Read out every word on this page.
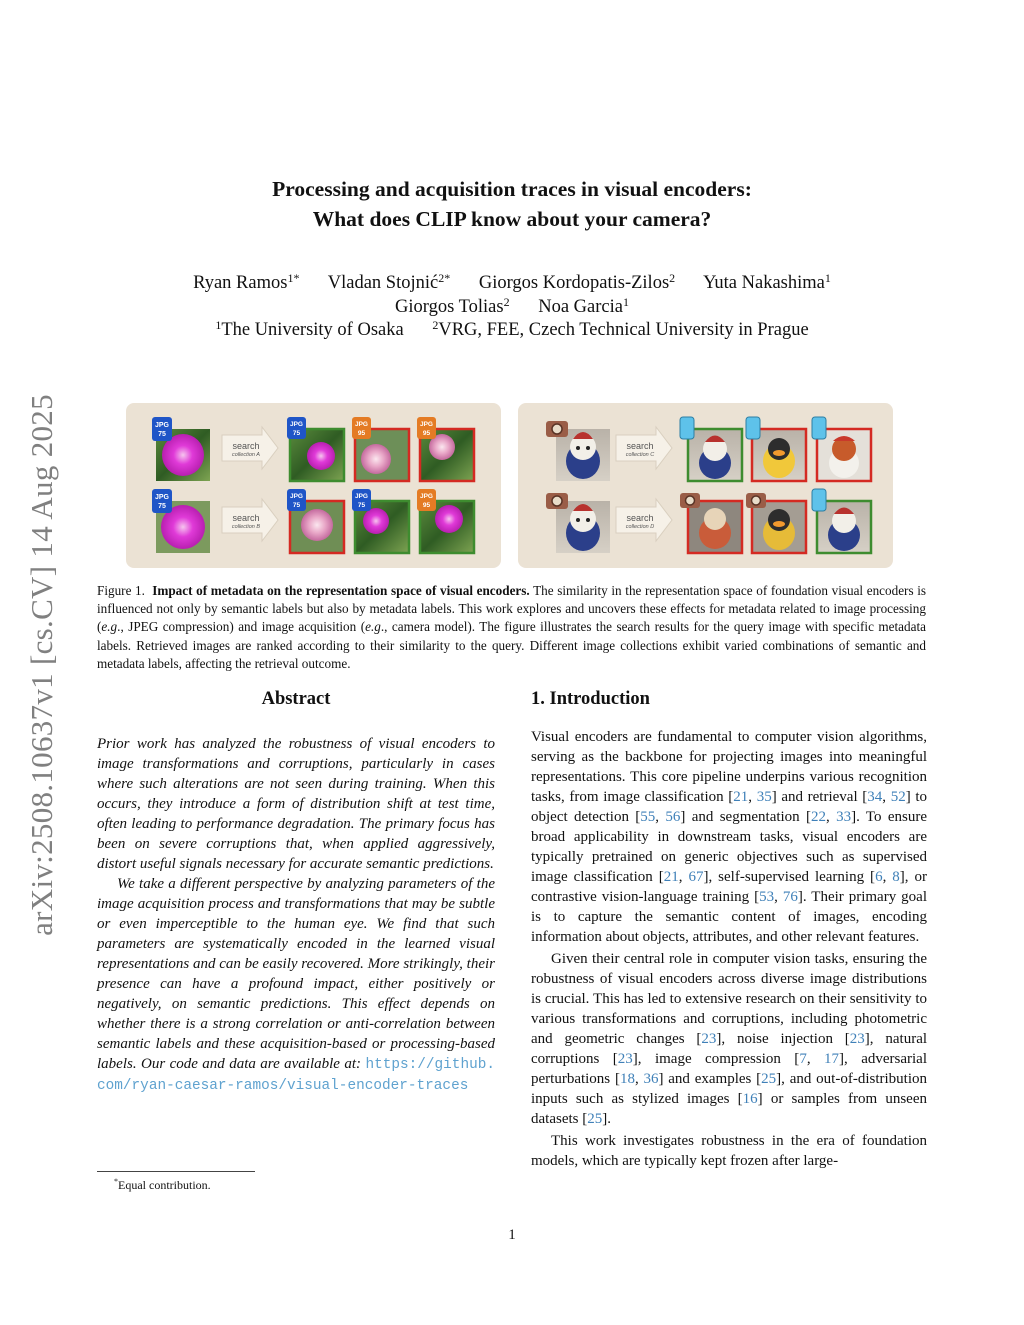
arXiv:2508.10637v1 [cs.CV] 14 Aug 2025
Processing and acquisition traces in visual encoders:
What does CLIP know about your camera?
Ryan Ramos$^{1*}$ Vladan Stojnić$^{2*}$ Giorgos Kordopatis-Zilos$^2$ Yuta Nakashima$^1$
Giorgos Tolias$^2$ Noa Garcia$^1$
$^1$The University of Osaka $^2$VRG, FEE, Czech Technical University in Prague
JPG
75
JPG
75
JPG
95
JPG
95
JPG
75
JPG
75
JPG
75
JPG
95
search
collection A
search
collection B
search
collection C
search
collection D
Figure 1. Impact of metadata on the representation space of visual encoders. The similarity in the representation space of foundation visual encoders is influenced not only by semantic labels but also by metadata labels. This work explores and uncovers these effects for metadata related to image processing (e.g., JPEG compression) and image acquisition (e.g., camera model). The figure illustrates the search results for the query image with specific metadata labels. Retrieved images are ranked according to their similarity to the query. Different image collections exhibit varied combinations of semantic and metadata labels, affecting the retrieval outcome.
Abstract

Prior work has analyzed the robustness of visual encoders to image transformations and corruptions, particularly in cases where such alterations are not seen during training. When this occurs, they introduce a form of distribution shift at test time, often leading to performance degradation. The primary focus has been on severe corruptions that, when applied aggressively, distort useful signals necessary for accurate semantic predictions.

We take a different perspective by analyzing parameters of the image acquisition process and transformations that may be subtle or even imperceptible to the human eye. We find that such parameters are systematically encoded in the learned visual representations and can be easily recovered. More strikingly, their presence can have a profound impact, either positively or negatively, on semantic predictions. This effect depends on whether there is a strong correlation or anti-correlation between semantic labels and these acquisition-based or processing-based labels. Our code and data are available at: https://github.com/ryan-caesar-ramos/visual-encoder-traces

1. Introduction

Visual encoders are fundamental to computer vision algorithms, serving as the backbone for projecting images into meaningful representations. This core pipeline underpins various recognition tasks, from image classification [21, 35] and retrieval [34, 52] to object detection [55, 56] and segmentation [22, 33]. To ensure broad applicability in downstream tasks, visual encoders are typically pretrained on generic objectives such as supervised image classification [21, 67], self-supervised learning [6, 8], or contrastive vision-language training [53, 76]. Their primary goal is to capture the semantic content of images, encoding information about objects, attributes, and other relevant features.

Given their central role in computer vision tasks, ensuring the robustness of visual encoders across diverse image distributions is crucial. This has led to extensive research on their sensitivity to various transformations and corruptions, including photometric and geometric changes [23], noise injection [23], natural corruptions [23], image compression [7, 17], adversarial perturbations [18, 36] and examples [25], and out-of-distribution inputs such as stylized images [16] or samples from unseen datasets [25].

This work investigates robustness in the era of foundation models, which are typically kept frozen after large-

*Equal contribution.
1
